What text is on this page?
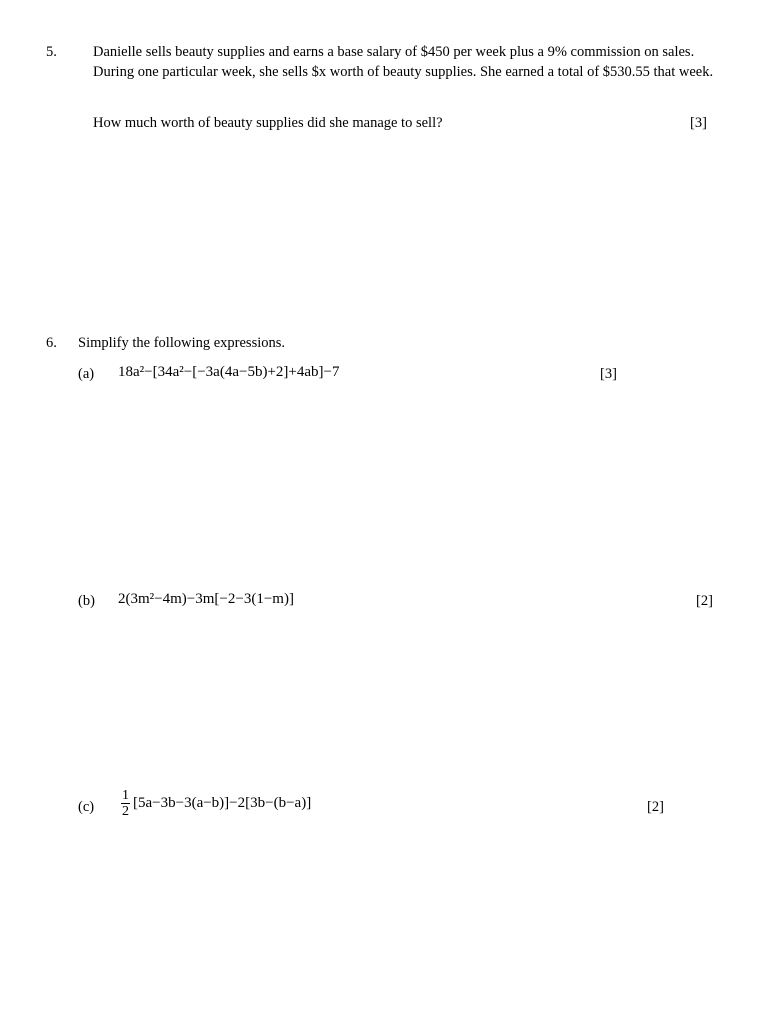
5. Danielle sells beauty supplies and earns a base salary of $450 per week plus a 9% commission on sales. During one particular week, she sells $x worth of beauty supplies. She earned a total of $530.55 that week.
How much worth of beauty supplies did she manage to sell?	[3]
6. Simplify the following expressions.
(a) 18a²−[34a²−[−3a(4a−5b)+2]+4ab]−7	[3]
(b) 2(3m²−4m)−3m[−2−3(1−m)]	[2]
$(c) \frac{1}{2} [5a-3b-3(a-b)]-2[3b-(b-a)]$	[2]
